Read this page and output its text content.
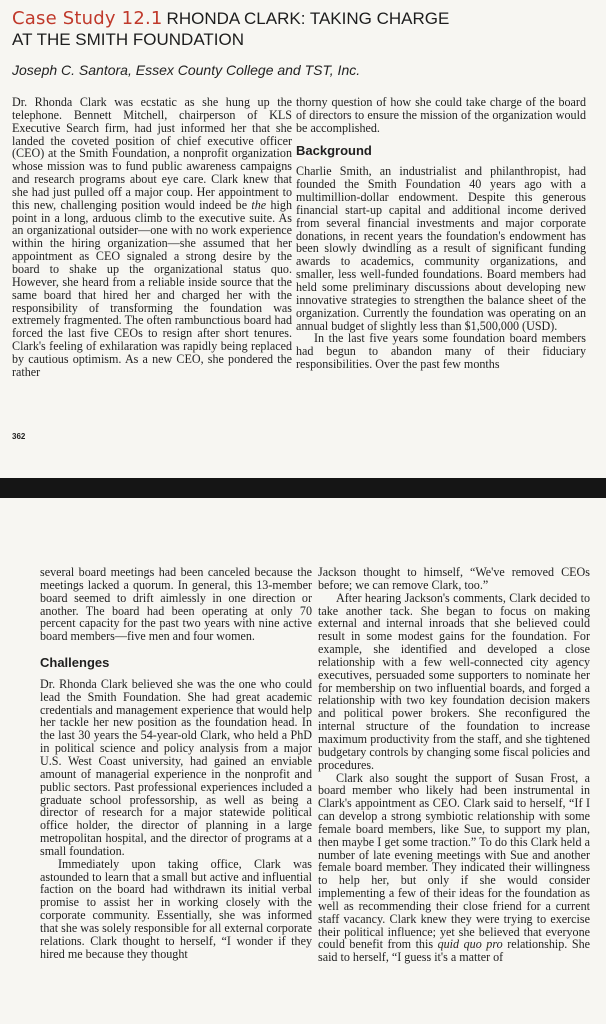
Case Study 12.1 RHONDA CLARK: TAKING CHARGE
AT THE SMITH FOUNDATION
Joseph C. Santora, Essex County College and TST, Inc.

Dr. Rhonda Clark was ecstatic as she hung up the telephone. Bennett Mitchell, chairperson of KLS Executive Search firm, had just informed her that she landed the coveted position of chief executive officer (CEO) at the Smith Foundation, a nonprofit organization whose mission was to fund public awareness campaigns and research programs about eye care. Clark knew that she had just pulled off a major coup. Her appointment to this new, challenging position would indeed be the high point in a long, arduous climb to the executive suite. As an organizational outsider—one with no work experience within the hiring organization—she assumed that her appointment as CEO signaled a strong desire by the board to shake up the organizational status quo. However, she heard from a reliable inside source that the same board that hired her and charged her with the responsibility of transforming the foundation was extremely fragmented. The often rambunctious board had forced the last five CEOs to resign after short tenures. Clark's feeling of exhilaration was rapidly being replaced by cautious optimism. As a new CEO, she pondered the rather

thorny question of how she could take charge of the board of directors to ensure the mission of the organization would be accomplished.

Background

Charlie Smith, an industrialist and philanthropist, had founded the Smith Foundation 40 years ago with a multimillion-dollar endowment. Despite this generous financial start-up capital and additional income derived from several financial investments and major corporate donations, in recent years the foundation's endowment has been slowly dwindling as a result of significant funding awards to academics, community organizations, and smaller, less well-funded foundations. Board members had held some preliminary discussions about developing new innovative strategies to strengthen the balance sheet of the organization. Currently the foundation was operating on an annual budget of slightly less than $1,500,000 (USD).

In the last five years some foundation board members had begun to abandon many of their fiduciary responsibilities. Over the past few months

362

several board meetings had been canceled because the meetings lacked a quorum. In general, this 13-member board seemed to drift aimlessly in one direction or another. The board had been operating at only 70 percent capacity for the past two years with nine active board members—five men and four women.

Challenges

Dr. Rhonda Clark believed she was the one who could lead the Smith Foundation. She had great academic credentials and management experience that would help her tackle her new position as the foundation head. In the last 30 years the 54-year-old Clark, who held a PhD in political science and policy analysis from a major U.S. West Coast university, had gained an enviable amount of managerial experience in the nonprofit and public sectors. Past professional experiences included a graduate school professorship, as well as being a director of research for a major statewide political office holder, the director of planning in a large metropolitan hospital, and the director of programs at a small foundation.

Immediately upon taking office, Clark was astounded to learn that a small but active and influential faction on the board had withdrawn its initial verbal promise to assist her in working closely with the corporate community. Essentially, she was informed that she was solely responsible for all external corporate relations. Clark thought to herself, “I wonder if they hired me because they thought

Jackson thought to himself, “We've removed CEOs before; we can remove Clark, too.”

After hearing Jackson's comments, Clark decided to take another tack. She began to focus on making external and internal inroads that she believed could result in some modest gains for the foundation. For example, she identified and developed a close relationship with a few well-connected city agency executives, persuaded some supporters to nominate her for membership on two influential boards, and forged a relationship with two key foundation decision makers and political power brokers. She reconfigured the internal structure of the foundation to increase maximum productivity from the staff, and she tightened budgetary controls by changing some fiscal policies and procedures.

Clark also sought the support of Susan Frost, a board member who likely had been instrumental in Clark's appointment as CEO. Clark said to herself, “If I can develop a strong symbiotic relationship with some female board members, like Sue, to support my plan, then maybe I get some traction.” To do this Clark held a number of late evening meetings with Sue and another female board member. They indicated their willingness to help her, but only if she would consider implementing a few of their ideas for the foundation as well as recommending their close friend for a current staff vacancy. Clark knew they were trying to exercise their political influence; yet she believed that everyone could benefit from this quid quo pro relationship. She said to herself, “I guess it's a matter of
